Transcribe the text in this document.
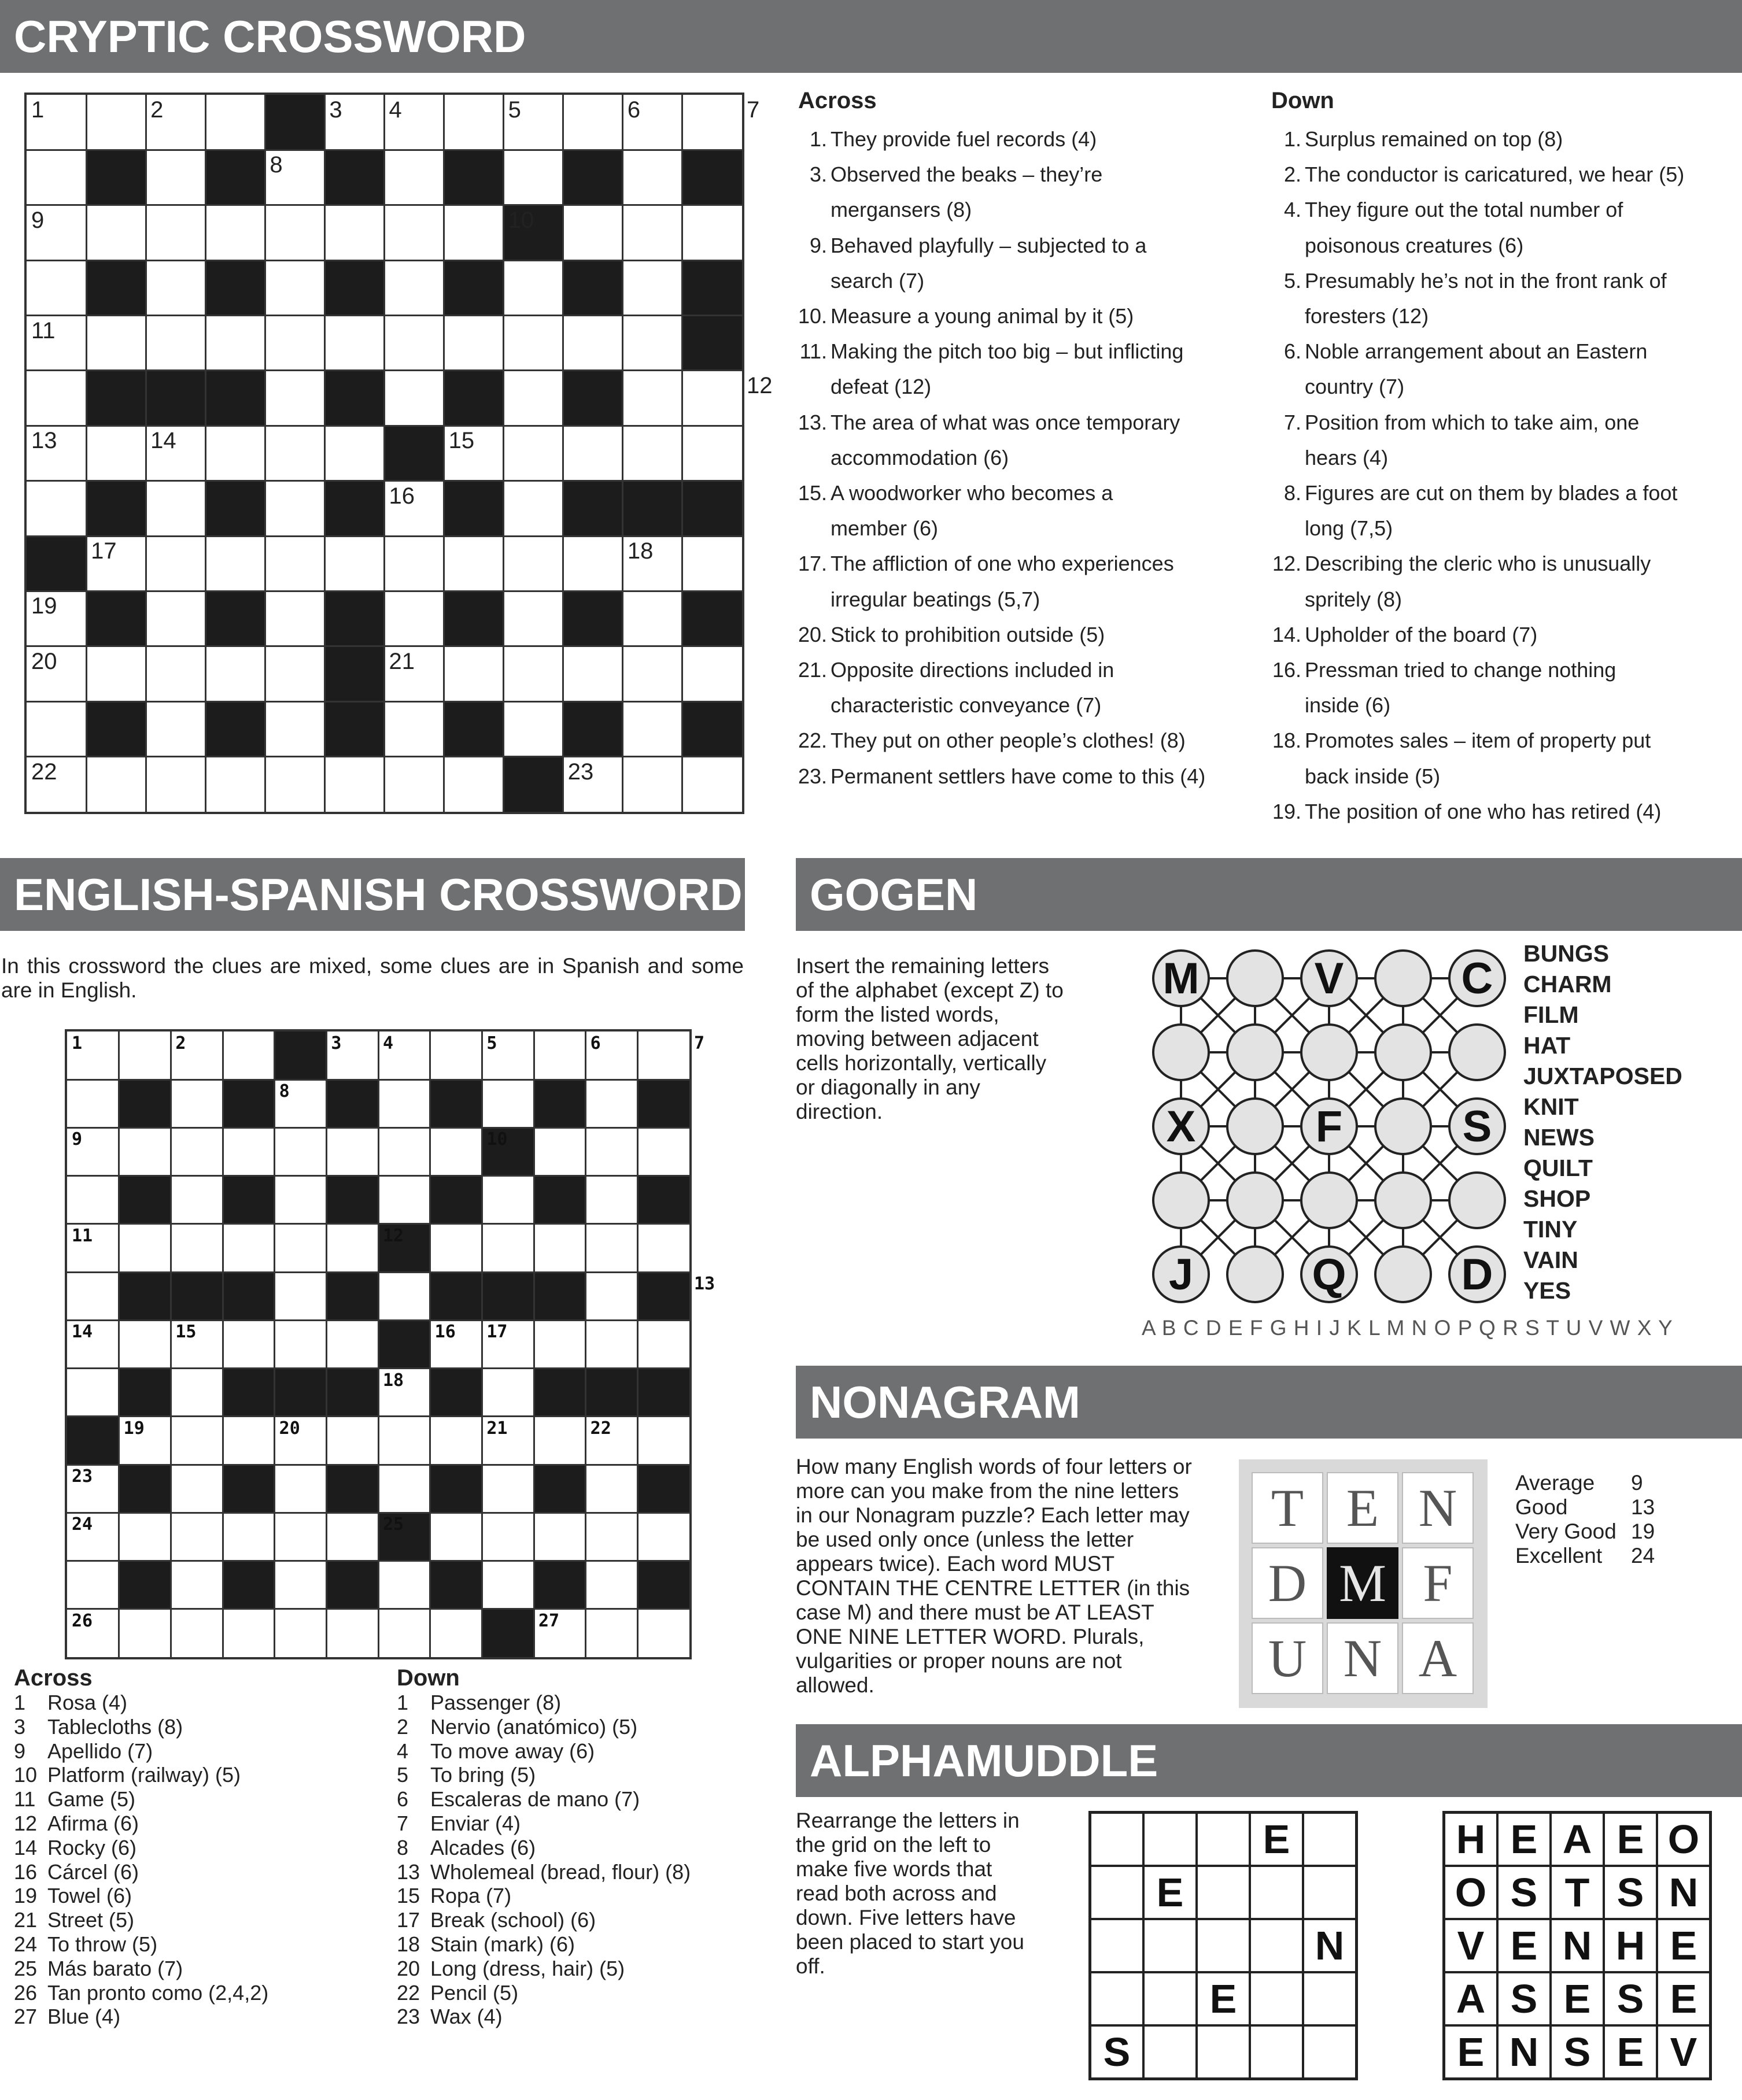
CRYPTIC CROSSWORD
1	2	3 4	5	6	7
8
9	10
11
12
13	14	15
16
17	18
19
20	21
22	23
Across
1. They provide fuel records (4)
3. Observed the beaks – they’re
mergansers (8)
9. Behaved playfully – subjected to a
search (7)
10. Measure a young animal by it (5)
11. Making the pitch too big – but inflicting
defeat (12)
13. The area of what was once temporary
accommodation (6)
15. A woodworker who becomes a
member (6)
17. The affliction of one who experiences
irregular beatings (5,7)
20. Stick to prohibition outside (5)
21. Opposite directions included in
characteristic conveyance (7)
22. They put on other people’s clothes! (8)
23. Permanent settlers have come to this (4)
Down
1. Surplus remained on top (8)
2. The conductor is caricatured, we hear (5)
4. They figure out the total number of
poisonous creatures (6)
5. Presumably he’s not in the front rank of
foresters (12)
6. Noble arrangement about an Eastern
country (7)
7. Position from which to take aim, one
hears (4)
8. Figures are cut on them by blades a foot
long (7,5)
12. Describing the cleric who is unusually
spritely (8)
14. Upholder of the board (7)
16. Pressman tried to change nothing
inside (6)
18. Promotes sales – item of property put
back inside (5)
19. The position of one who has retired (4)
ENGLISH-SPANISH CROSSWORD
In this crossword the clues are mixed, some clues are in Spanish and some are in English.
1	2	3 4	5	6	7
8
9	10
11	12
13
14	15	16 17
18
19	20	21	22
23
24	25
26	27
Across
1	Rosa (4)
3	Tablecloths (8)
9	Apellido (7)
10 Platform (railway) (5)
11 Game (5)
12 Afirma (6)
14 Rocky (6)
16 Cárcel (6)
19 Towel (6)
21 Street (5)
24 To throw (5)
25 Más barato (7)
26 Tan pronto como (2,4,2)
27 Blue (4)
Down
1	Passenger (8)
2	Nervio (anatómico) (5)
4	To move away (6)
5	To bring (5)
6	Escaleras de mano (7)
7	Enviar (4)
8	Alcades (6)
13 Wholemeal (bread, flour) (8)
15 Ropa (7)
17 Break (school) (6)
18 Stain (mark) (6)
20 Long (dress, hair) (5)
22 Pencil (5)
23 Wax (4)
GOGEN
Insert the remaining letters of the alphabet (except Z) to form the listed words, moving between adjacent cells horizontally, vertically or diagonally in any direction.
M	V	C
X	F	S
J	Q	D
BUNGS
CHARM
FILM
HAT
JUXTAPOSED
KNIT
NEWS
QUILT
SHOP
TINY
VAIN
YES
A B C D E F G H I J K L M N O P Q R S T U V W X Y
NONAGRAM
How many English words of four letters or more can you make from the nine letters in our Nonagram puzzle? Each letter may be used only once (unless the letter appears twice). Each word MUST CONTAIN THE CENTRE LETTER (in this case M) and there must be AT LEAST ONE NINE LETTER WORD. Plurals, vulgarities or proper nouns are not allowed.
T E N
D M F
U N A
Average 9
Good	13
Very Good 19
Excellent 24
ALPHAMUDDLE
Rearrange the letters in the grid on the left to make five words that read both across and down. Five letters have been placed to start you off.
E
E
N
E
S
H E A E O
O S T S N
V E N H E
A S E S E
E N S E V
